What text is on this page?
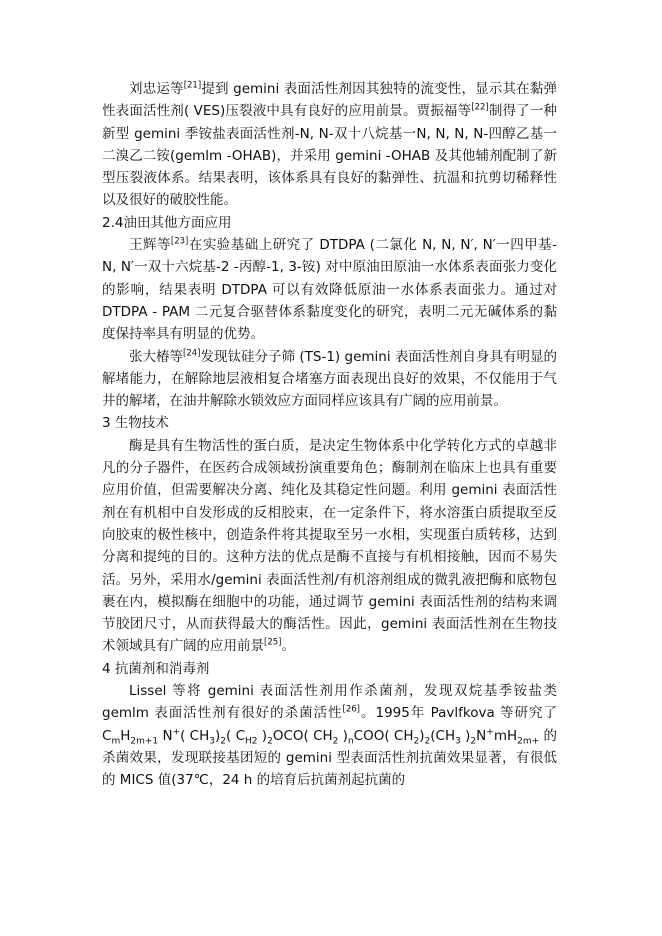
刘忠运等[21]提到 gemini 表面活性剂因其独特的流变性，显示其在黏弹性表面活性剂( VES)压裂液中具有良好的应用前景。贾振福等[22]制得了一种新型 gemini 季铵盐表面活性剂-N, N-双十八烷基一N, N, N, N-四醇乙基一二溴乙二铵(gemlm -OHAB)，并采用 gemini -OHAB 及其他辅剂配制了新型压裂液体系。结果表明，该体系具有良好的黏弹性、抗温和抗剪切稀释性以及很好的破胶性能。

2.4油田其他方面应用

王辉等[23]在实验基础上研究了 DTDPA (二氯化 N, N, N′, N′一四甲基-N, N′一双十六烷基-2 -丙醇-1, 3-铵) 对中原油田原油一水体系表面张力变化的影响，结果表明 DTDPA 可以有效降低原油一水体系表面张力。通过对 DTDPA - PAM 二元复合驱替体系黏度变化的研究，表明二元无碱体系的黏度保持率具有明显的优势。

张大椿等[24]发现钛硅分子筛 (TS-1) gemini 表面活性剂自身具有明显的解堵能力，在解除地层液相复合堵塞方面表现出良好的效果，不仅能用于气井的解堵，在油井解除水锁效应方面同样应该具有广阔的应用前景。

3 生物技术

酶是具有生物活性的蛋白质，是决定生物体系中化学转化方式的卓越非凡的分子器件，在医药合成领域扮演重要角色；酶制剂在临床上也具有重要应用价值，但需要解决分离、纯化及其稳定性问题。利用 gemini 表面活性剂在有机相中自发形成的反相胶束，在一定条件下，将水溶蛋白质提取至反向胶束的极性核中，创造条件将其提取至另一水相，实现蛋白质转移，达到分离和提纯的目的。这种方法的优点是酶不直接与有机相接触，因而不易失活。另外，采用水/gemini 表面活性剂/有机溶剂组成的微乳液把酶和底物包裹在内，模拟酶在细胞中的功能，通过调节 gemini 表面活性剂的结构来调节胶团尺寸，从而获得最大的酶活性。因此，gemini 表面活性剂在生物技术领域具有广阔的应用前景[25]。

4 抗菌剂和消毒剂

Lissel 等将 gemini 表面活性剂用作杀菌剂，发现双烷基季铵盐类 gemlm 表面活性剂有很好的杀菌活性[26]。1995年 Pavlfkova 等研究了 $C_mH_{2m+1}$ N+( $CH_3)_2$( $C_{H2}$ )$_2OCO$( $CH_2$ )$_nCOO$( $CH_2)_2(CH_3$ )$_2N^+mH_{2m+}$ 的杀菌效果，发现联接基团短的 gemini 型表面活性剂抗菌效果显著，有很低的 MICS 值(37℃，24 h 的培育后抗菌剂起抗菌的
